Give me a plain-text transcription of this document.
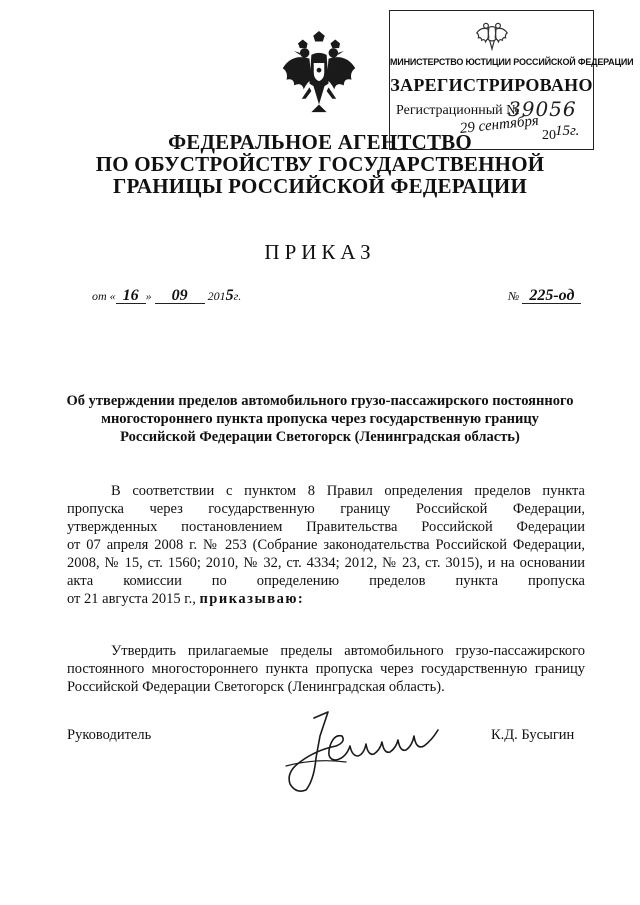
МИНИСТЕРСТВО ЮСТИЦИИ РОССИЙСКОЙ ФЕДЕРАЦИИ
ЗАРЕГИСТРИРОВАНО
Регистрационный №
39056
29 сентября 20 15г.
ФЕДЕРАЛЬНОЕ АГЕНТСТВО
ПО ОБУСТРОЙСТВУ ГОСУДАРСТВЕННОЙ
ГРАНИЦЫ РОССИЙСКОЙ ФЕДЕРАЦИИ
ПРИКАЗ
от « 16 » 09 2015г.	№ 225-од
Об утверждении пределов автомобильного грузо-пассажирского постоянного
многостороннего пункта пропуска через государственную границу
Российской Федерации Светогорск (Ленинградская область)
В соответствии с пунктом 8 Правил определения пределов пункта
пропуска через государственную границу Российской Федерации,
утвержденных постановлением Правительства Российской Федерации
от 07 апреля 2008 г. № 253 (Собрание законодательства Российской Федерации,
2008, № 15, ст. 1560; 2010, № 32, ст. 4334; 2012, № 23, ст. 3015), и на основании
акта комиссии по определению пределов пункта пропуска
от 21 августа 2015 г., приказываю:
Утвердить прилагаемые пределы автомобильного грузо-пассажирского
постоянного многостороннего пункта пропуска через государственную границу
Российской Федерации Светогорск (Ленинградская область).
Руководитель	К.Д. Бусыгин
